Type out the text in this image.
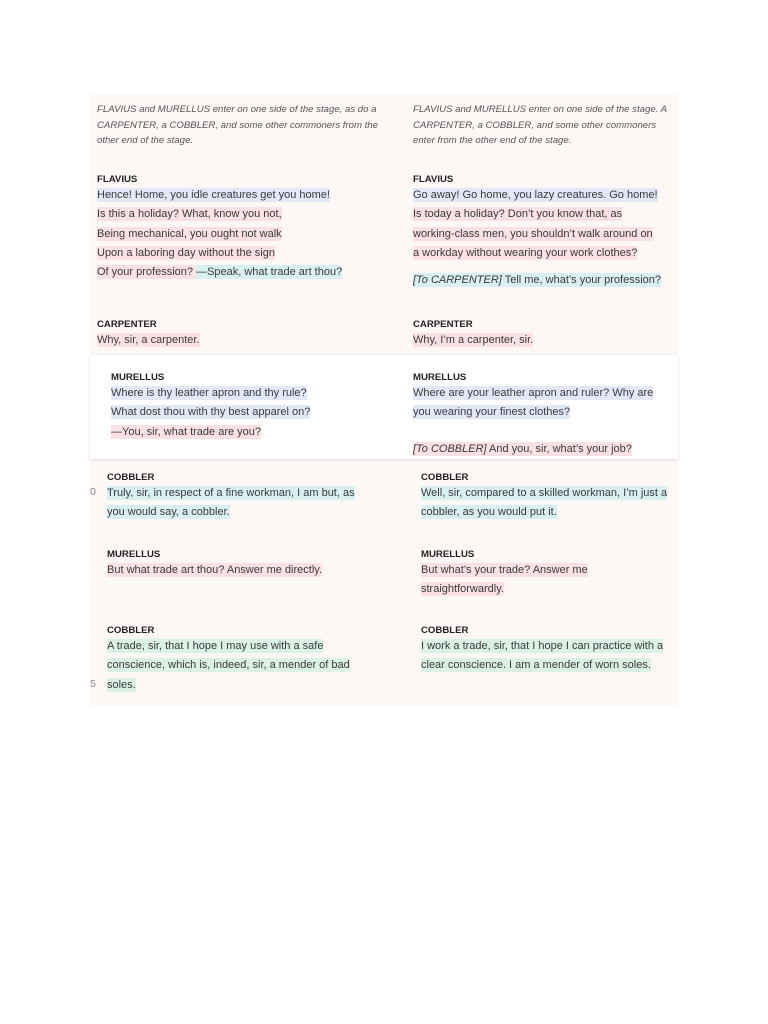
FLAVIUS and MURELLUS enter on one side of the stage, as do a CARPENTER, a COBBLER, and some other commoners from the other end of the stage.

FLAVIUS

Hence! Home, you idle creatures get you home!
Is this a holiday? What, know you not,
Being mechanical, you ought not walk
Upon a laboring day without the sign
Of your profession? —Speak, what trade art thou?

CARPENTER

Why, sir, a carpenter.

MURELLUS

Where is thy leather apron and thy rule?
What dost thou with thy best apparel on?
—You, sir, what trade are you?

0

COBBLER

Truly, sir, in respect of a fine workman, I am but, as
you would say, a cobbler.

MURELLUS

But what trade art thou? Answer me directly.

5

COBBLER

A trade, sir, that I hope I may use with a safe
conscience, which is, indeed, sir, a mender of bad
soles.

FLAVIUS and MURELLUS enter on one side of the stage. A CARPENTER, a COBBLER, and some other commoners enter from the other end of the stage.

FLAVIUS

Go away! Go home, you lazy creatures. Go home!
Is today a holiday? Don’t you know that, as
working-class men, you shouldn’t walk around on
a workday without wearing your work clothes?

[To CARPENTER] Tell me, what’s your profession?

CARPENTER

Why, I’m a carpenter, sir.

MURELLUS

Where are your leather apron and ruler? Why are
you wearing your finest clothes?

[To COBBLER] And you, sir, what’s your job?

COBBLER

Well, sir, compared to a skilled workman, I’m just a
cobbler, as you would put it.

MURELLUS

But what’s your trade? Answer me
straightforwardly.

COBBLER

I work a trade, sir, that I hope I can practice with a
clear conscience. I am a mender of worn soles.
